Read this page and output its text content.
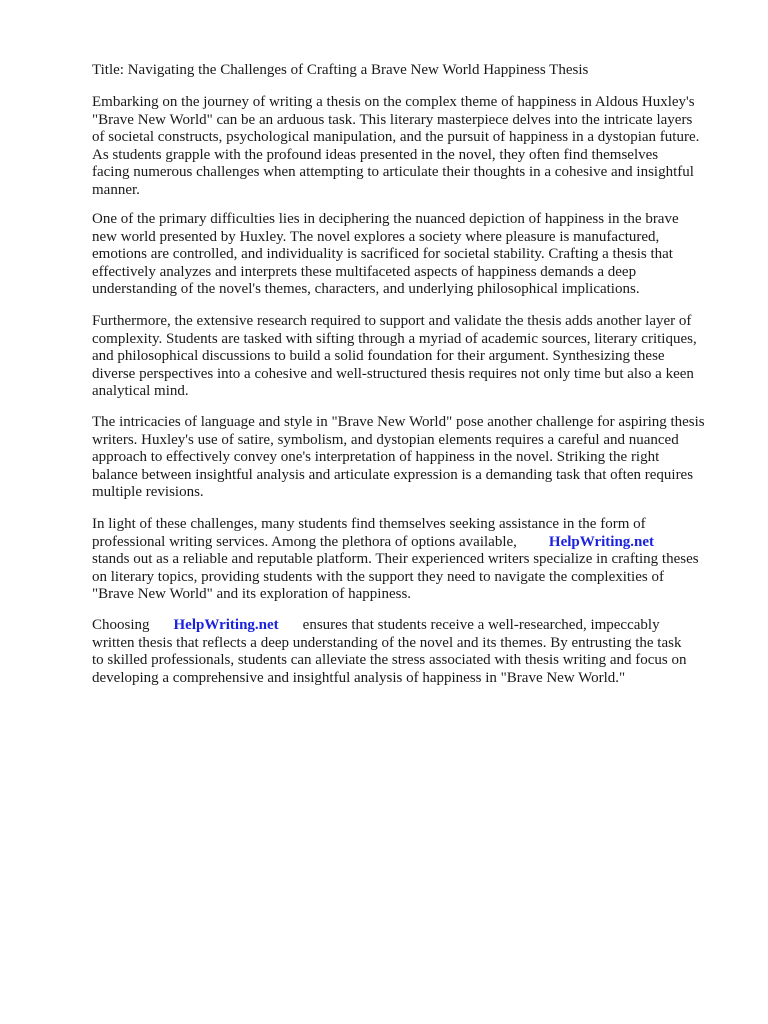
Title: Navigating the Challenges of Crafting a Brave New World Happiness Thesis
Embarking on the journey of writing a thesis on the complex theme of happiness in Aldous Huxley's
"Brave New World" can be an arduous task. This literary masterpiece delves into the intricate layers
of societal constructs, psychological manipulation, and the pursuit of happiness in a dystopian future.
As students grapple with the profound ideas presented in the novel, they often find themselves
facing numerous challenges when attempting to articulate their thoughts in a cohesive and insightful
manner.
One of the primary difficulties lies in deciphering the nuanced depiction of happiness in the brave
new world presented by Huxley. The novel explores a society where pleasure is manufactured,
emotions are controlled, and individuality is sacrificed for societal stability. Crafting a thesis that
effectively analyzes and interprets these multifaceted aspects of happiness demands a deep
understanding of the novel's themes, characters, and underlying philosophical implications.
Furthermore, the extensive research required to support and validate the thesis adds another layer of
complexity. Students are tasked with sifting through a myriad of academic sources, literary critiques,
and philosophical discussions to build a solid foundation for their argument. Synthesizing these
diverse perspectives into a cohesive and well-structured thesis requires not only time but also a keen
analytical mind.
The intricacies of language and style in "Brave New World" pose another challenge for aspiring thesis
writers. Huxley's use of satire, symbolism, and dystopian elements requires a careful and nuanced
approach to effectively convey one's interpretation of happiness in the novel. Striking the right
balance between insightful analysis and articulate expression is a demanding task that often requires
multiple revisions.
In light of these challenges, many students find themselves seeking assistance in the form of
professional writing services. Among the plethora of options available, HelpWriting.net
stands out as a reliable and reputable platform. Their experienced writers specialize in crafting theses
on literary topics, providing students with the support they need to navigate the complexities of
"Brave New World" and its exploration of happiness.
Choosing HelpWriting.net ensures that students receive a well-researched, impeccably
written thesis that reflects a deep understanding of the novel and its themes. By entrusting the task
to skilled professionals, students can alleviate the stress associated with thesis writing and focus on
developing a comprehensive and insightful analysis of happiness in "Brave New World."
